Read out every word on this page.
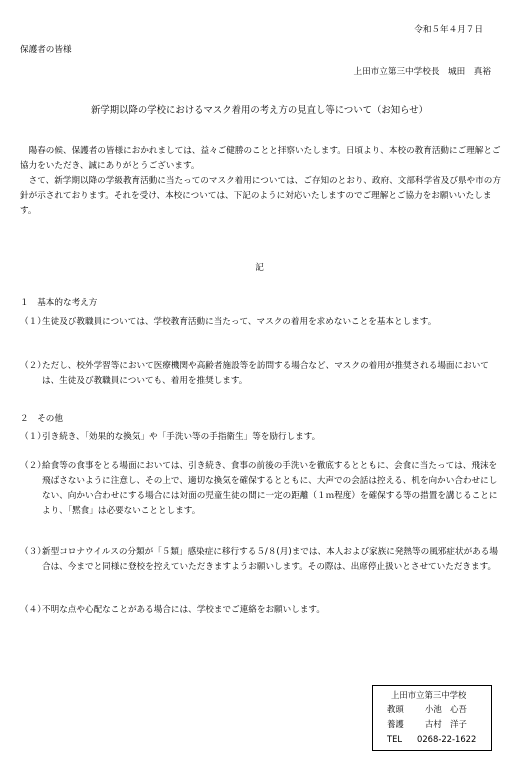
令和５年４月７日
保護者の皆様
上田市立第三中学校長　城田　真裕
新学期以降の学校におけるマスク着用の考え方の見直し等について（お知らせ）

　陽春の候、保護者の皆様におかれましては、益々ご健勝のことと拝察いたします。日頃より、本校の教育活動にご理解とご協力をいただき、誠にありがとうございます。

　さて、新学期以降の学級教育活動に当たってのマスク着用については、ご存知のとおり、政府、文部科学省及び県や市の方針が示されております。それを受け、本校については、下記のように対応いたしますのでご理解とご協力をお願いいたします。

記
１　基本的な考え方
（１）

生徒及び教職員については、学校教育活動に当たって、マスクの着用を求めないことを基本とします。

（２）

ただし、校外学習等において医療機関や高齢者施設等を訪問する場合など、マスクの着用が推奨される場面においては、生徒及び教職員についても、着用を推奨します。

２　その他
（１）

引き続き、「効果的な換気」や「手洗い等の手指衛生」等を励行します。

（２）

給食等の食事をとる場面においては、引き続き、食事の前後の手洗いを徹底するとともに、会食に当たっては、飛沫を飛ばさないように注意し、その上で、適切な換気を確保するとともに、大声での会話は控える、机を向かい合わせにしない、向かい合わせにする場合には対面の児童生徒の間に一定の距離（１ｍ程度）を確保する等の措置を講じることにより、「黙食」は必要ないこととします。

（３）

新型コロナウイルスの分類が「５類」感染症に移行する５/８(月)までは、本人および家族に発熱等の風邪症状がある場合は、今までと同様に登校を控えていただきますようお願いします。その際は、出席停止扱いとさせていただきます。

（４）

不明な点や心配なことがある場合には、学校までご連絡をお願いします。

上田市立第三中学校
教頭	小池　心吾
養護	古村　洋子
TEL 0268-22-1622
